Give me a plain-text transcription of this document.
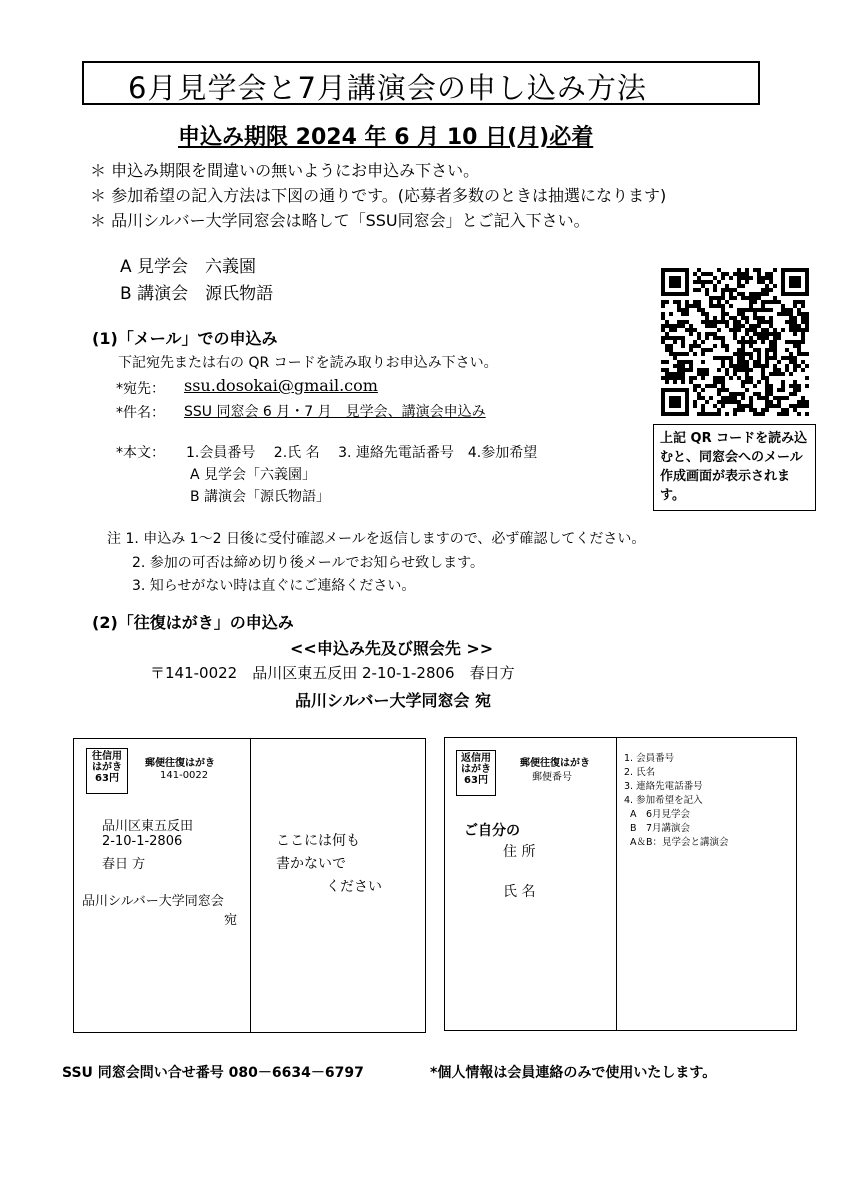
6月見学会と7月講演会の申し込み方法
申込み期限 2024 年 6 月 10 日(月)必着
＊ 申込み期限を間違いの無いようにお申込み下さい。
＊ 参加希望の記入方法は下図の通りです。(応募者多数のときは抽選になります)
＊ 品川シルバー大学同窓会は略して「SSU同窓会」とご記入下さい。
A 見学会　六義園
B 講演会　源氏物語
(1)「メール」での申込み
下記宛先または右の QR コードを読み取りお申込み下さい。
*宛先： ssu.dosokai@gmail.com
*件名： SSU 同窓会 6 月・7 月　見学会、講演会申込み
*本文： 1.会員番号　 2.氏 名　 3. 連絡先電話番号　4.参加希望
A 見学会「六義園」
B 講演会「源氏物語」
上記 QR コードを読み込むと、同窓会へのメール作成画面が表示されます。
注 1. 申込み 1～2 日後に受付確認メールを返信しますので、必ず確認してください。
2. 参加の可否は締め切り後メールでお知らせ致します。
3. 知らせがない時は直ぐにご連絡ください。
(2)「往復はがき」の申込み
<<申込み先及び照会先 >>
〒141-0022　品川区東五反田 2-10-1-2806　春日方
品川シルバー大学同窓会 宛
往信用
はがき
63円
郵便往復はがき
141-0022
品川区東五反田
2-10-1-2806
春日 方
品川シルバー大学同窓会
宛
ここには何も
書かないで
ください
返信用
はがき
63円
郵便往復はがき
郵便番号
ご自分の
住 所
氏 名
1. 会員番号
2. 氏名
3. 連絡先電話番号
4. 参加希望を記入
A　6月見学会
B　7月講演会
A＆B：見学会と講演会
SSU 同窓会問い合せ番号 080－6634－6797	*個人情報は会員連絡のみで使用いたします。
